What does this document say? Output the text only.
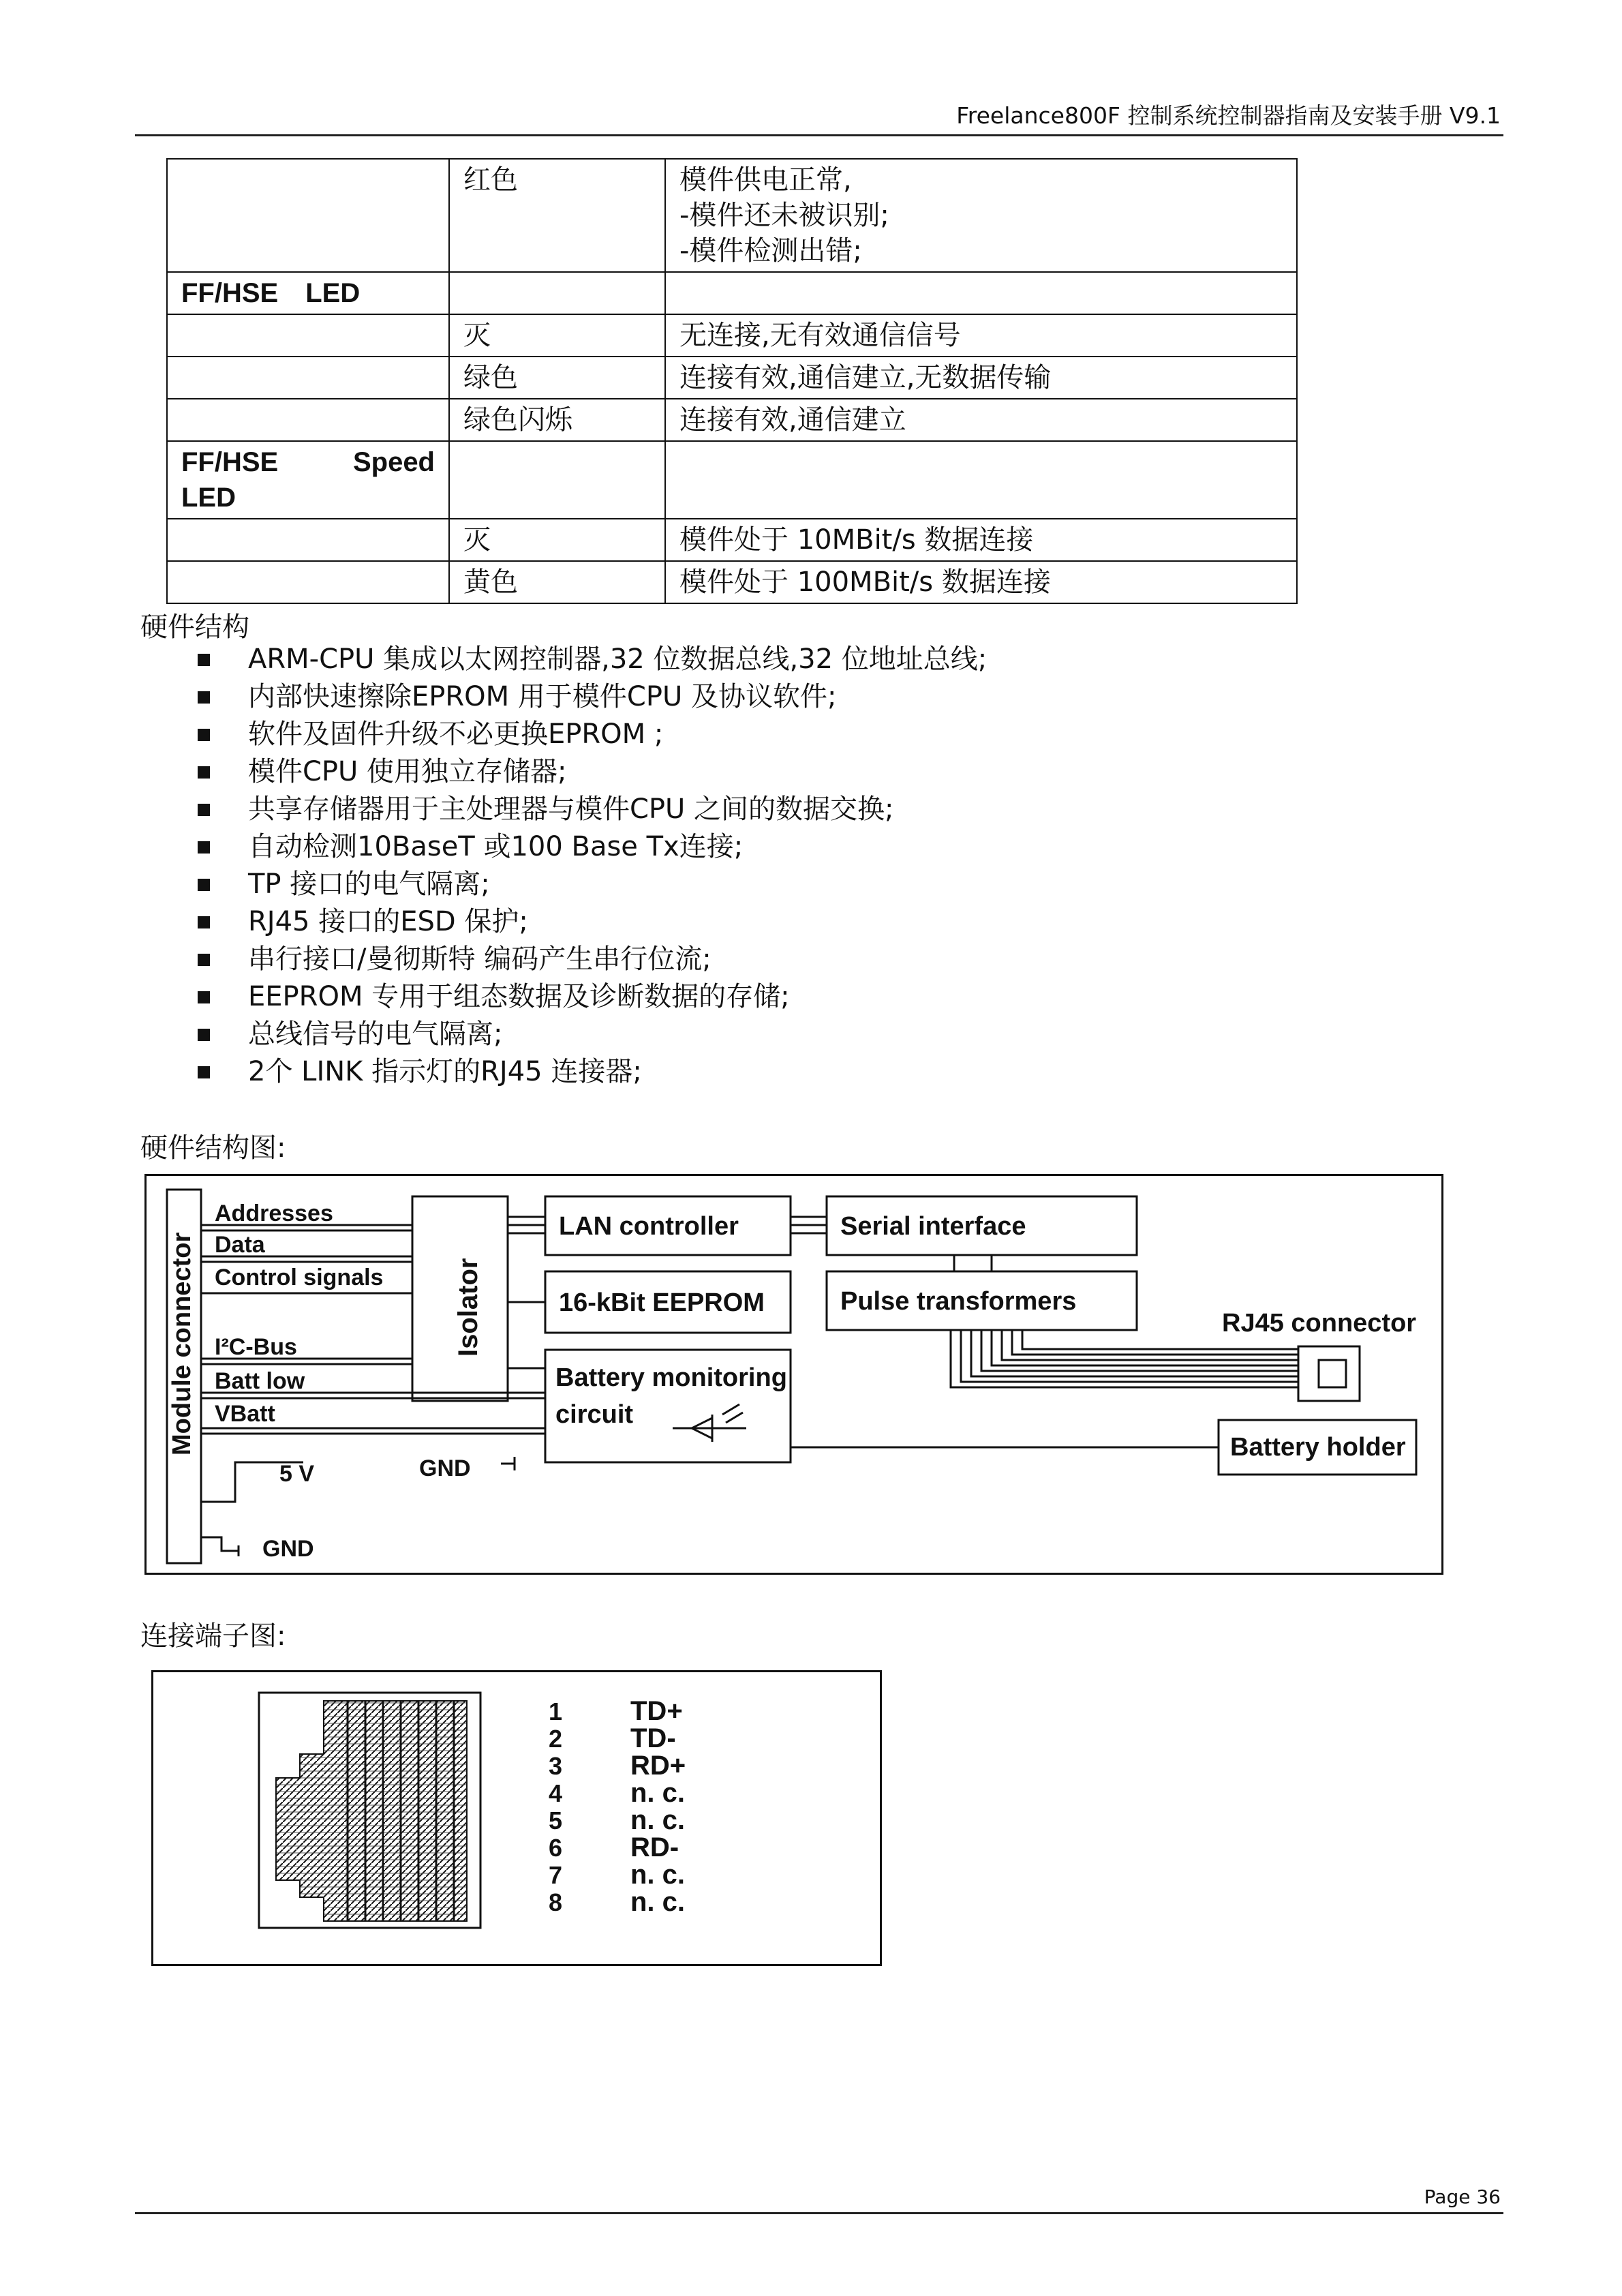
Freelance800F 控制系统控制器指南及安装手册 V9.1
	红色	模件供电正常,
-模件还未被识别;
-模件检测出错;

FF/HSE　LED		
	灭	无连接,无有效通信信号
	绿色	连接有效,通信建立,无数据传输
	绿色闪烁	连接有效,通信建立

FF/HSE Speed
LED		

	灭	模件处于 10MBit/s 数据连接
	黄色	模件处于 100MBit/s 数据连接
硬件结构
ARM-CPU 集成以太网控制器,32 位数据总线,32 位地址总线;
内部快速擦除EPROM 用于模件CPU 及协议软件;
软件及固件升级不必更换EPROM ;
模件CPU 使用独立存储器;
共享存储器用于主处理器与模件CPU 之间的数据交换;
自动检测10BaseT 或100 Base Tx连接;
TP 接口的电气隔离;
RJ45 接口的ESD 保护;
串行接口/曼彻斯特 编码产生串行位流;
EEPROM 专用于组态数据及诊断数据的存储;
总线信号的电气隔离;
2个 LINK 指示灯的RJ45 连接器;
硬件结构图:
Module connector
Addresses
Data
Control signals
I²C-Bus
Batt low
VBatt
5 V	GND
GND
Isolator
LAN controller	Serial interface
16-kBit EEPROM	Pulse transformers
Battery monitoring
circuit
RJ45 connector
Battery holder
连接端子图:
1 TD+
2 TD-
3 RD+
4 n. c.
5 n. c.
6 RD-
7 n. c.
8 n. c.
Page 36
